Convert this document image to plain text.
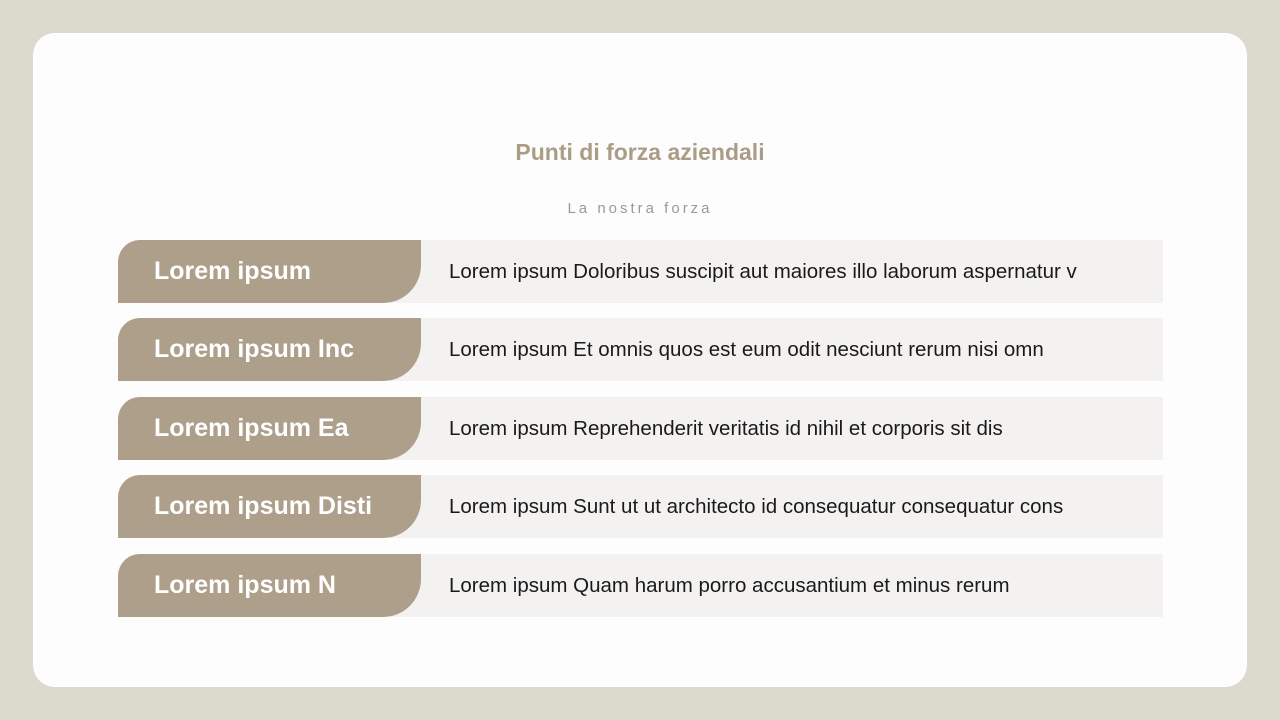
Punti di forza aziendali
La nostra forza
Lorem ipsum	Lorem ipsum Doloribus suscipit aut maiores illo laborum aspernatur v
Lorem ipsum Inc	Lorem ipsum Et omnis quos est eum odit nesciunt rerum nisi omn
Lorem ipsum Ea	Lorem ipsum Reprehenderit veritatis id nihil et corporis sit dis
Lorem ipsum Disti	Lorem ipsum Sunt ut ut architecto id consequatur consequatur cons
Lorem ipsum N	Lorem ipsum Quam harum porro accusantium et minus rerum
